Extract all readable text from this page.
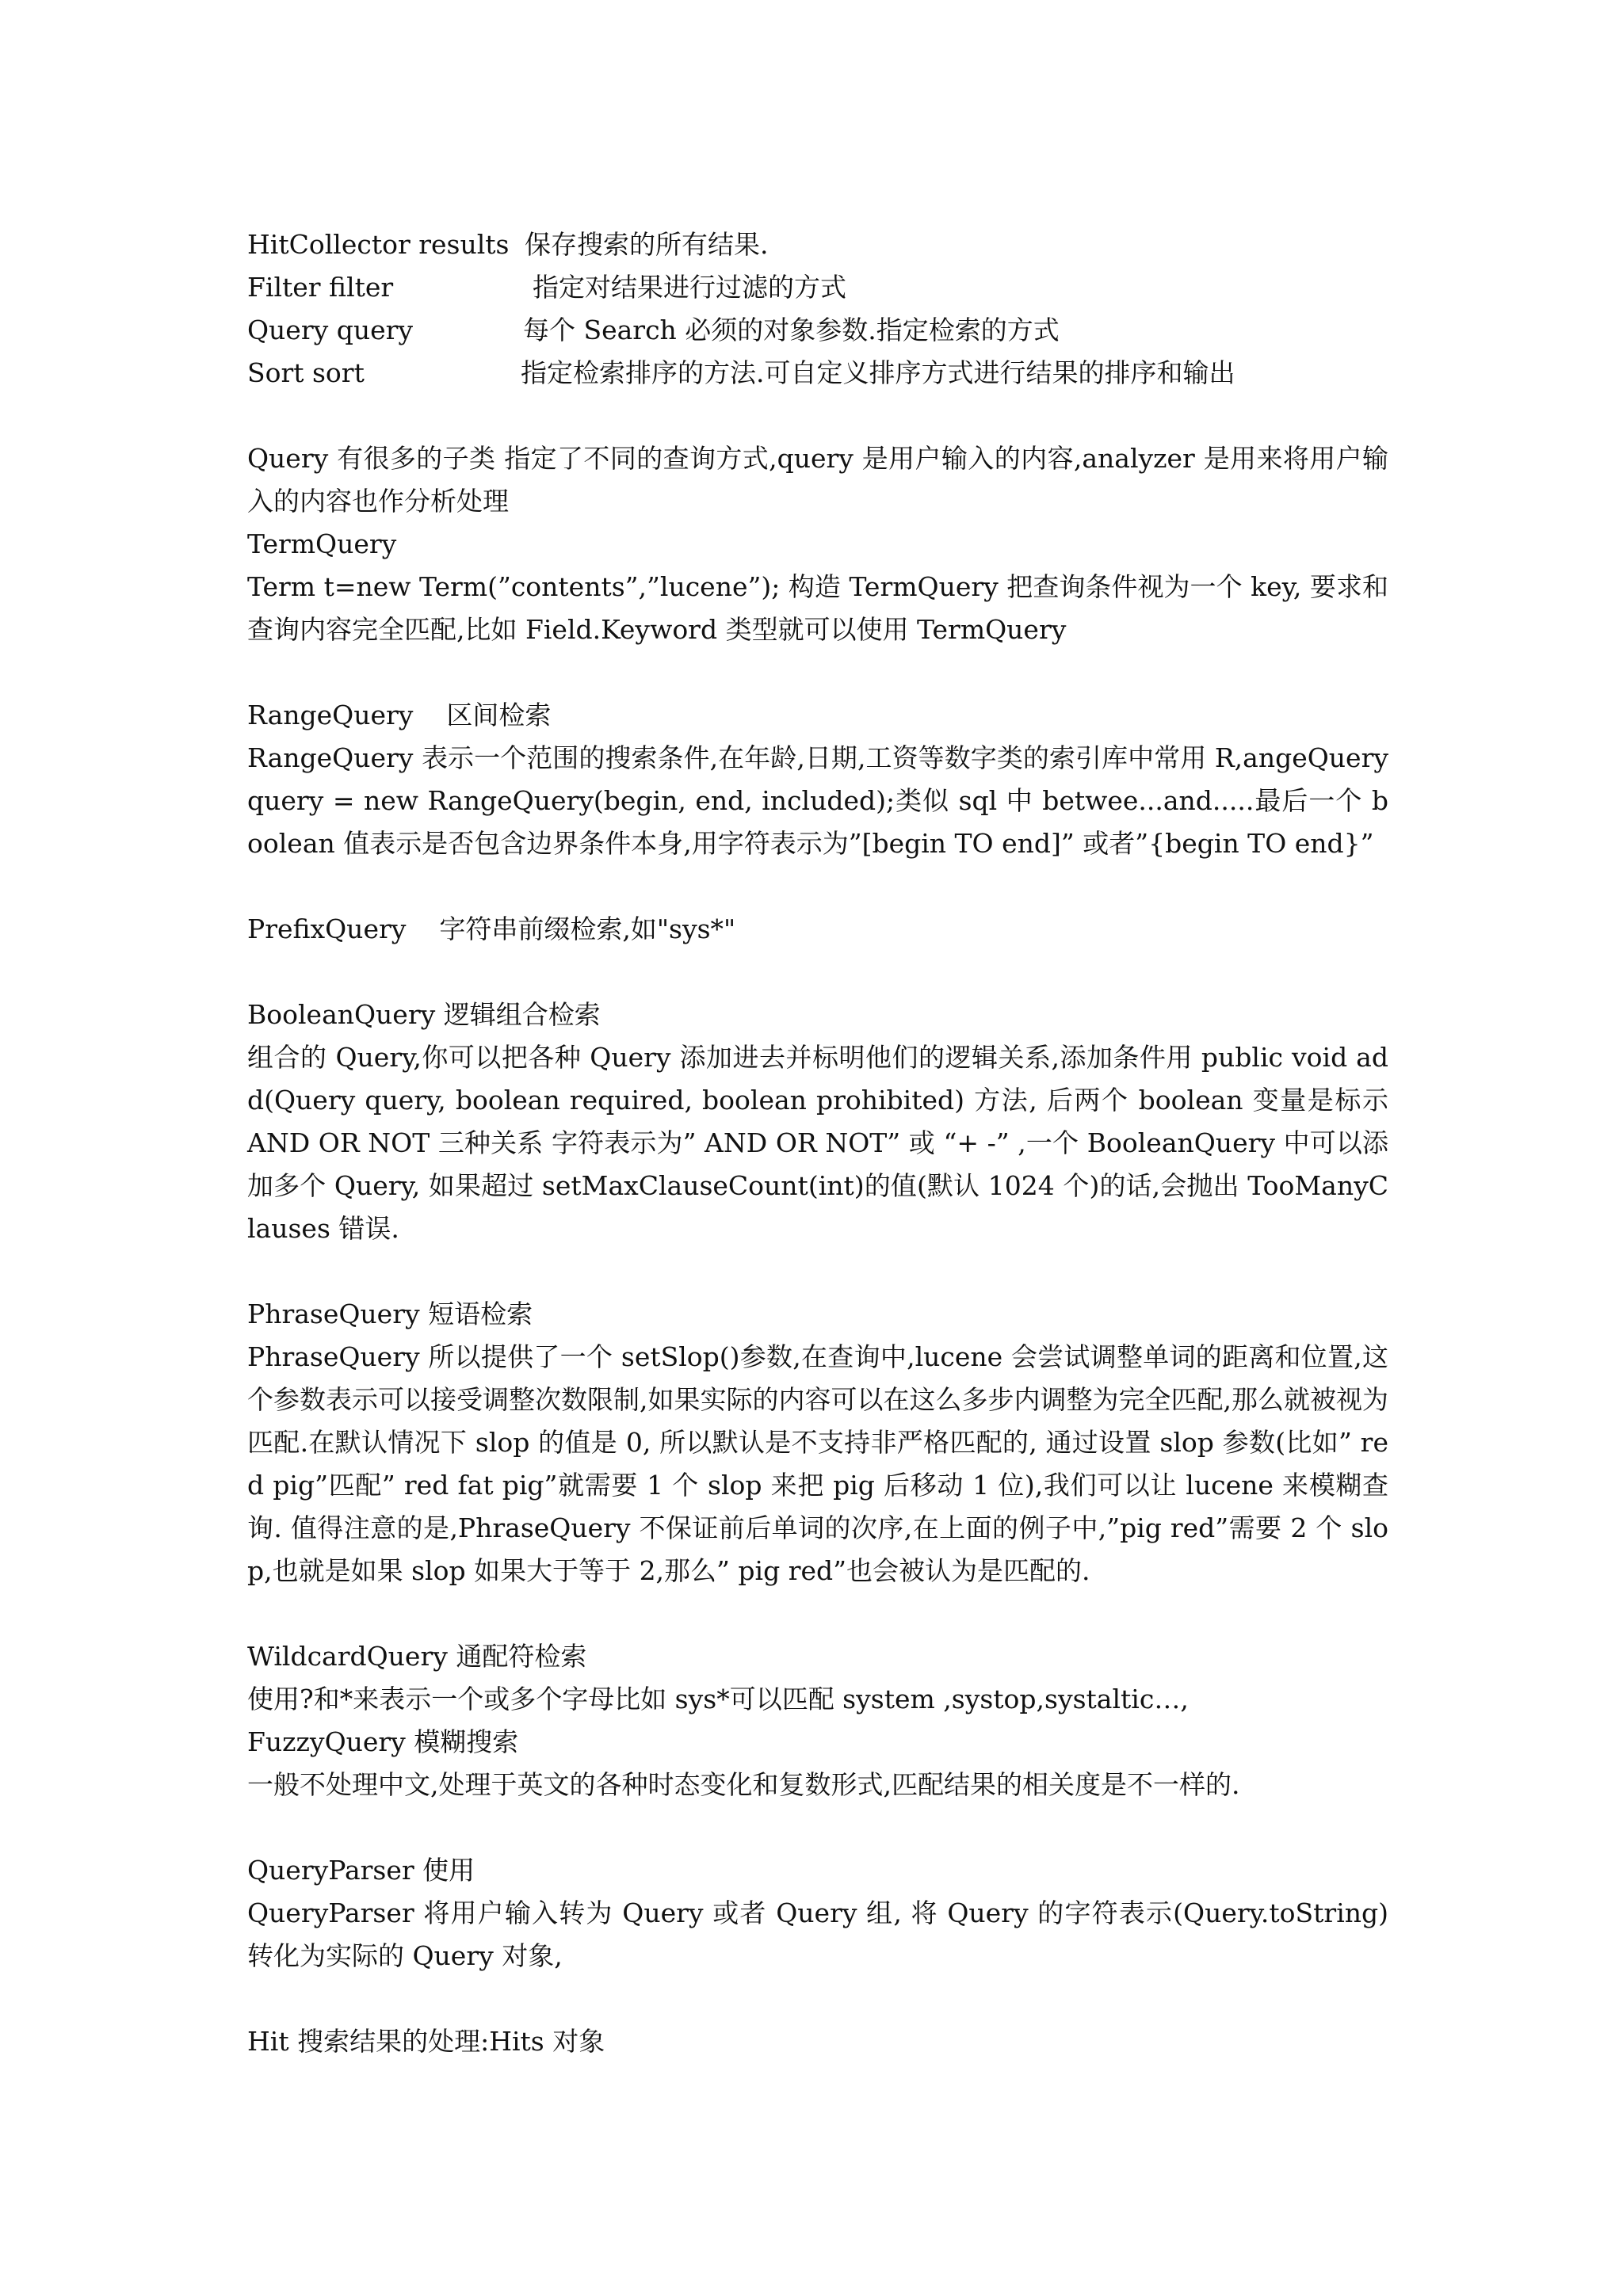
HitCollector results 保存搜索的所有结果.
Filter filter	指定对结果进行过滤的方式
Query query	每个 Search 必须的对象参数.指定检索的方式
Sort sort	指定检索排序的方法.可自定义排序方式进行结果的排序和输出

Query 有很多的子类 指定了不同的查询方式,query 是用户输入的内容,analyzer 是用来将用户输入的内容也作分析处理

TermQuery

Term t=new Term(”contents”,”lucene”); 构造 TermQuery 把查询条件视为一个 key, 要求和查询内容完全匹配,比如 Field.Keyword 类型就可以使用 TermQuery

RangeQuery    区间检索

RangeQuery 表示一个范围的搜索条件,在年龄,日期,工资等数字类的索引库中常用 R,angeQuery query = new RangeQuery(begin, end, included);类似 sql 中 betwee...and.....最后一个 boolean 值表示是否包含边界条件本身,用字符表示为”[begin TO end]” 或者”{begin TO end}”

PrefixQuery    字符串前缀检索,如"sys*"

BooleanQuery 逻辑组合检索

组合的 Query,你可以把各种 Query 添加进去并标明他们的逻辑关系,添加条件用 public void add(Query query, boolean required, boolean prohibited) 方法, 后两个 boolean 变量是标示 AND OR NOT 三种关系 字符表示为” AND OR NOT” 或 “+ -” ,一个 BooleanQuery 中可以添加多个 Query, 如果超过 setMaxClauseCount(int)的值(默认 1024 个)的话,会抛出 TooManyClauses 错误.

PhraseQuery 短语检索

PhraseQuery 所以提供了一个 setSlop()参数,在查询中,lucene 会尝试调整单词的距离和位置,这个参数表示可以接受调整次数限制,如果实际的内容可以在这么多步内调整为完全匹配,那么就被视为匹配.在默认情况下 slop 的值是 0, 所以默认是不支持非严格匹配的, 通过设置 slop 参数(比如” red pig”匹配” red fat pig”就需要 1 个 slop 来把 pig 后移动 1 位),我们可以让 lucene 来模糊查询. 值得注意的是,PhraseQuery 不保证前后单词的次序,在上面的例子中,”pig red”需要 2 个 slop,也就是如果 slop 如果大于等于 2,那么” pig red”也会被认为是匹配的.

WildcardQuery 通配符检索

使用?和*来表示一个或多个字母比如 sys*可以匹配 system ,systop,systaltic…,

FuzzyQuery 模糊搜索

一般不处理中文,处理于英文的各种时态变化和复数形式,匹配结果的相关度是不一样的.

QueryParser 使用

QueryParser 将用户输入转为 Query 或者 Query 组, 将 Query 的字符表示(Query.toString)转化为实际的 Query 对象,

Hit 搜索结果的处理:Hits 对象
